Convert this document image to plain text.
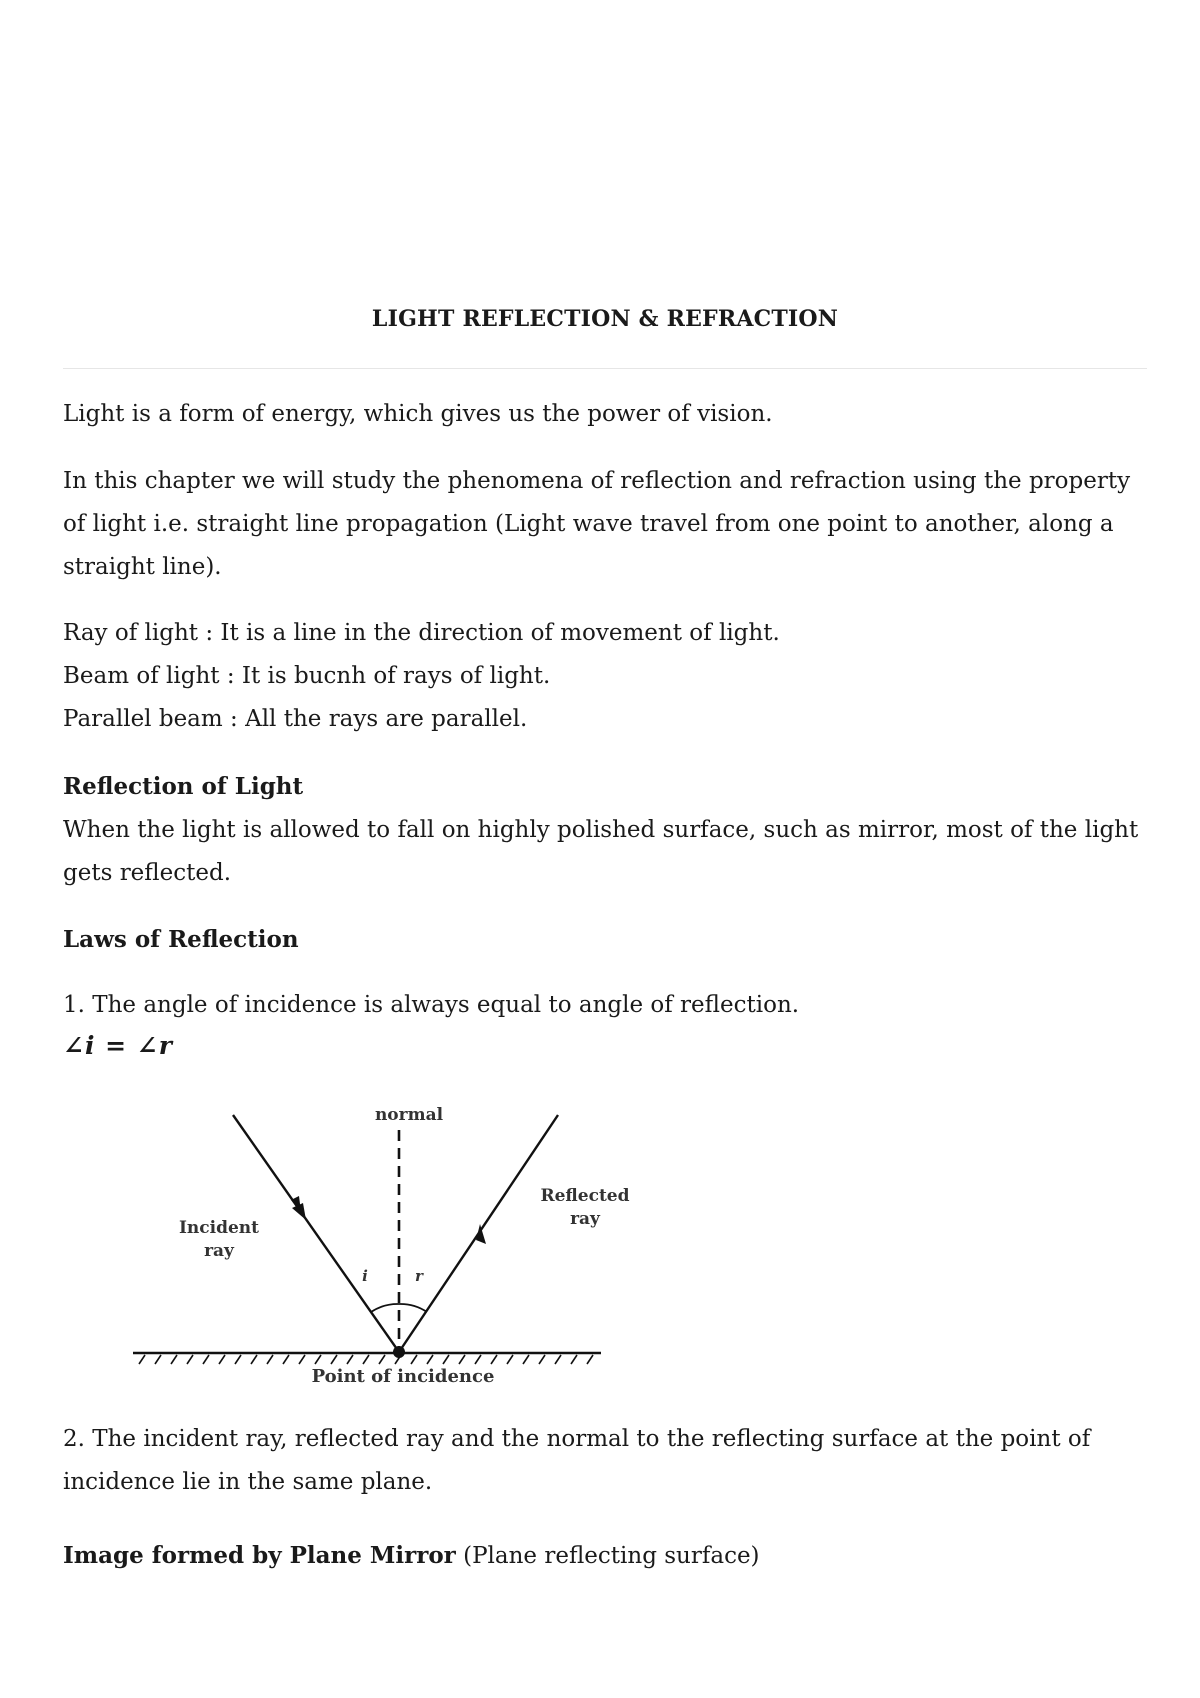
LIGHT REFLECTION & REFRACTION

Light is a form of energy, which gives us the power of vision.

In this chapter we will study the phenomena of reflection and refraction using the property of light i.e. straight line propagation (Light wave travel from one point to another, along a straight line).

Ray of light : It is a line in the direction of movement of light.
Beam of light : It is bucnh of rays of light.
Parallel beam : All the rays are parallel.
Reflection of Light
When the light is allowed to fall on highly polished surface, such as mirror, most of the light gets reflected.
Laws of Reflection

1. The angle of incidence is always equal to angle of reflection.

∠i = ∠r
normal
Incident
ray
Reflected
ray
i	r
Point of incidence

2. The incident ray, reflected ray and the normal to the reflecting surface at the point of incidence lie in the same plane.

Image formed by Plane Mirror (Plane reflecting surface)
